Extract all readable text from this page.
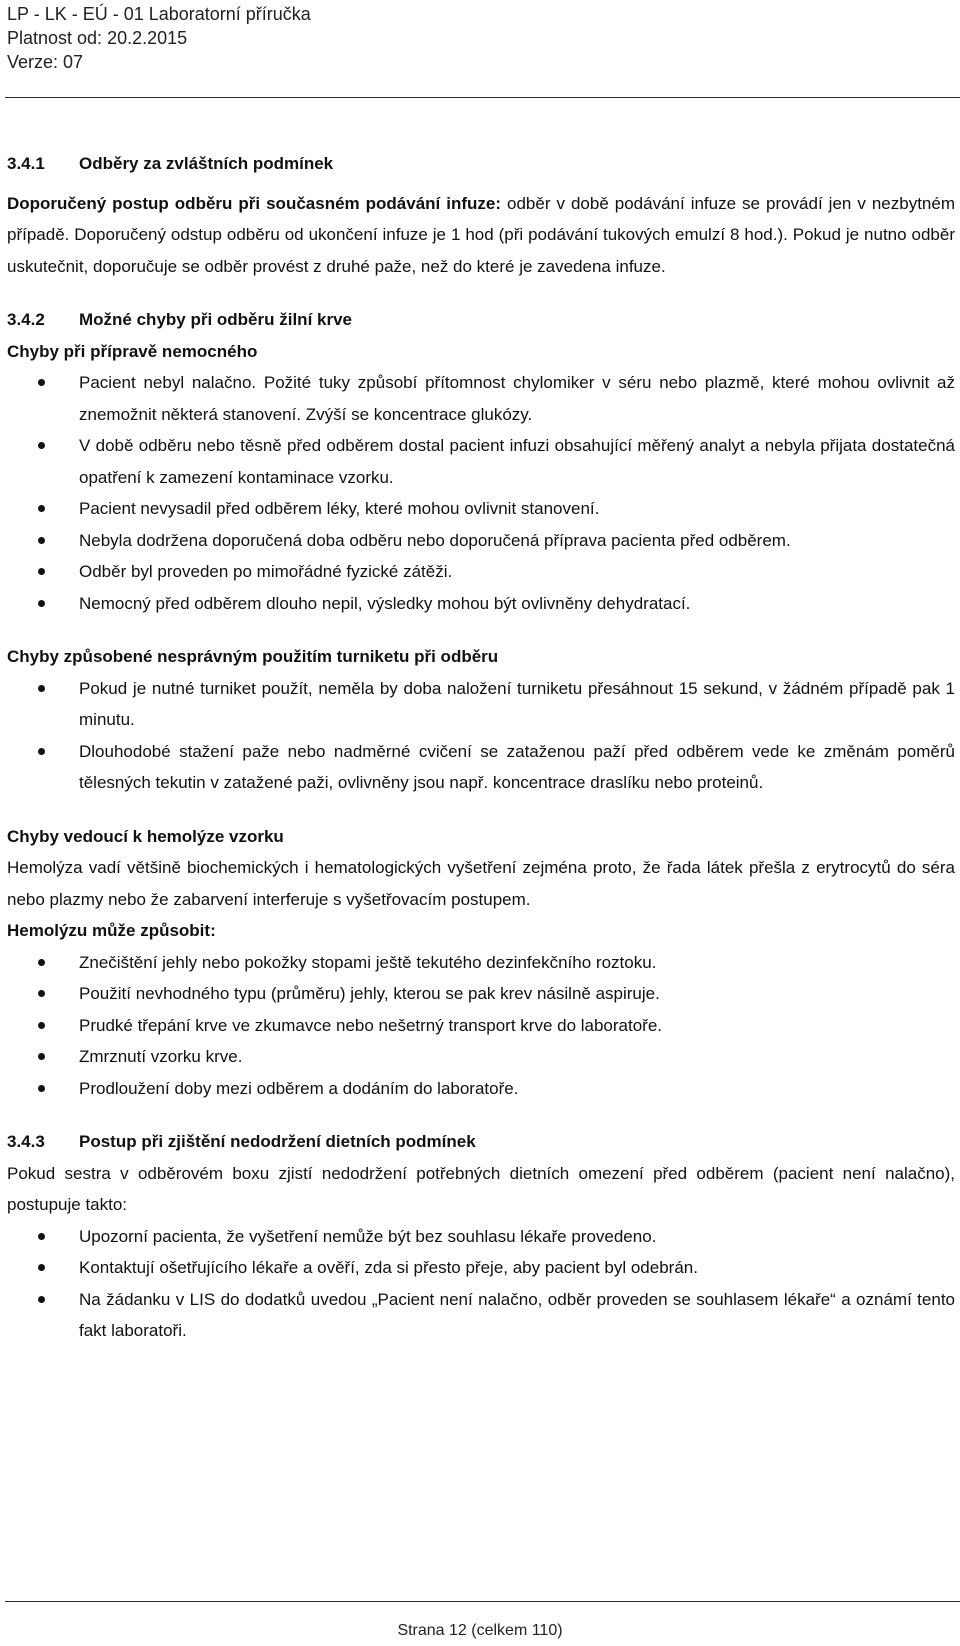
LP - LK - EÚ - 01 Laboratorní příručka
Platnost od: 20.2.2015
Verze: 07
3.4.1 Odběry za zvláštních podmínek

Doporučený postup odběru při současném podávání infuze: odběr v době podávání infuze se provádí jen v nezbytném případě. Doporučený odstup odběru od ukončení infuze je 1 hod (při podávání tukových emulzí 8 hod.). Pokud je nutno odběr uskutečnit, doporučuje se odběr provést z druhé paže, než do které je zavedena infuze.

3.4.2 Možné chyby při odběru žilní krve
Chyby při přípravě nemocného
Pacient nebyl nalačno. Požité tuky způsobí přítomnost chylomiker v séru nebo plazmě, které mohou ovlivnit až znemožnit některá stanovení. Zvýší se koncentrace glukózy.
V době odběru nebo těsně před odběrem dostal pacient infuzi obsahující měřený analyt a nebyla přijata dostatečná opatření k zamezení kontaminace vzorku.
Pacient nevysadil před odběrem léky, které mohou ovlivnit stanovení.
Nebyla dodržena doporučená doba odběru nebo doporučená příprava pacienta před odběrem.
Odběr byl proveden po mimořádné fyzické zátěži.
Nemocný před odběrem dlouho nepil, výsledky mohou být ovlivněny dehydratací.
Chyby způsobené nesprávným použitím turniketu při odběru
Pokud je nutné turniket použít, neměla by doba naložení turniketu přesáhnout 15 sekund, v žádném případě pak 1 minutu.
Dlouhodobé stažení paže nebo nadměrné cvičení se zataženou paží před odběrem vede ke změnám poměrů tělesných tekutin v zatažené paži, ovlivněny jsou např. koncentrace draslíku nebo proteinů.
Chyby vedoucí k hemolýze vzorku

Hemolýza vadí většině biochemických i hematologických vyšetření zejména proto, že řada látek přešla z erytrocytů do séra nebo plazmy nebo že zabarvení interferuje s vyšetřovacím postupem.

Hemolýzu může způsobit:
Znečištění jehly nebo pokožky stopami ještě tekutého dezinfekčního roztoku.
Použití nevhodného typu (průměru) jehly, kterou se pak krev násilně aspiruje.
Prudké třepání krve ve zkumavce nebo nešetrný transport krve do laboratoře.
Zmrznutí vzorku krve.
Prodloužení doby mezi odběrem a dodáním do laboratoře.
3.4.3 Postup při zjištění nedodržení dietních podmínek

Pokud sestra v odběrovém boxu zjistí nedodržení potřebných dietních omezení před odběrem (pacient není nalačno), postupuje takto:

Upozorní pacienta, že vyšetření nemůže být bez souhlasu lékaře provedeno.
Kontaktují ošetřujícího lékaře a ověří, zda si přesto přeje, aby pacient byl odebrán.
Na žádanku v LIS do dodatků uvedou „Pacient není nalačno, odběr proveden se souhlasem lékaře“ a oznámí tento fakt laboratoři.
Strana 12 (celkem 110)
